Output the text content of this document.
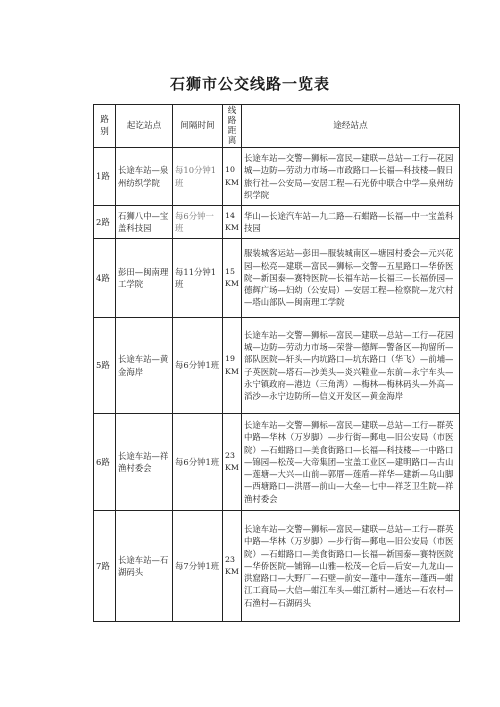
石狮市公交线路一览表
路别	起讫站点	间隔时间	线路距离	途经站点
1路	长途车站—泉州纺织学院	每10分钟1班	10KM	长途车站—交警—狮标—富民—建联—总站—工行—花园城—边防—劳动力市场—市政路口—长福—科技楼—假日旅行社—公安局—安居工程—石光侨中联合中学—泉州纺织学院
2路	石狮八中—宝盖科技园	每6分钟一班	14KM	华山—长途汽车站—九二路—石蚶路—长福—中一宝盖科技园
4路	彭田—闽南理工学院	每11分钟1班	15KM	服装城客运站—彭田—服装城南区—塘园村委会—元兴花园—松亮—建联—富民—狮标—交警—五星路口—华侨医院—新国泰—赛特医院—长福车站—长福三—长福侨园—德辉广场—妇幼（公安局）—安居工程—检察院—龙穴村—塔山部队—闽南理工学院
5路	长途车站—黄金海岸	每6分钟1班	19KM	长途车站—交警—狮标—富民—建联—总站—工行—花园城—边防—劳动力市场—荣誉—德辉—警备区—拘留所—部队医院—轩头—内坑路口—坑东路口（华飞）—前埔—子英医院—塔石—沙美头—炎兴鞋业—东前—永宁车头—永宁镇政府—港边（三角湾）—梅林—梅林码头—外高—滔沙—永宁边防所—信义开发区—黄金海岸
6路	长途车站—祥渔村委会	每6分钟1班	23KM	长途车站—交警—狮标—富民—建联—总站—工行—群英中路—华林（万岁脚）—步行街—郵电—旧公安局（市医院）—石蚶路口—美食街路口—长福—科技楼—一中路口—锦园—松茂—大帝集团—宝盖工业区—建明路口—古山—莲塘—大兴—山前—郭厝—莲盾—祥华—建新—乌山脚—西塘路口—洪厝—前山—大垒—七中—祥芝卫生院—祥渔村委会
7路	长途车站—石湖码头	每7分钟1班	23KM	长途车站—交警—狮标—富民—建联—总站—工行—群英中路—华林（万岁脚）—步行街—郵电—旧公安局（市医院）—石蚶路口—美食街路口—长福—新国泰—赛特医院—华侨医院—铺锦—山雅—松茂—仑后—后安—九龙山—洪窟路口—大野厂—石壁—前安—蓬中—蓬东—蓬西—蚶江工商局—大信—蚶江车头—蚶江新村—通达—石农村—石渔村—石湖码头
